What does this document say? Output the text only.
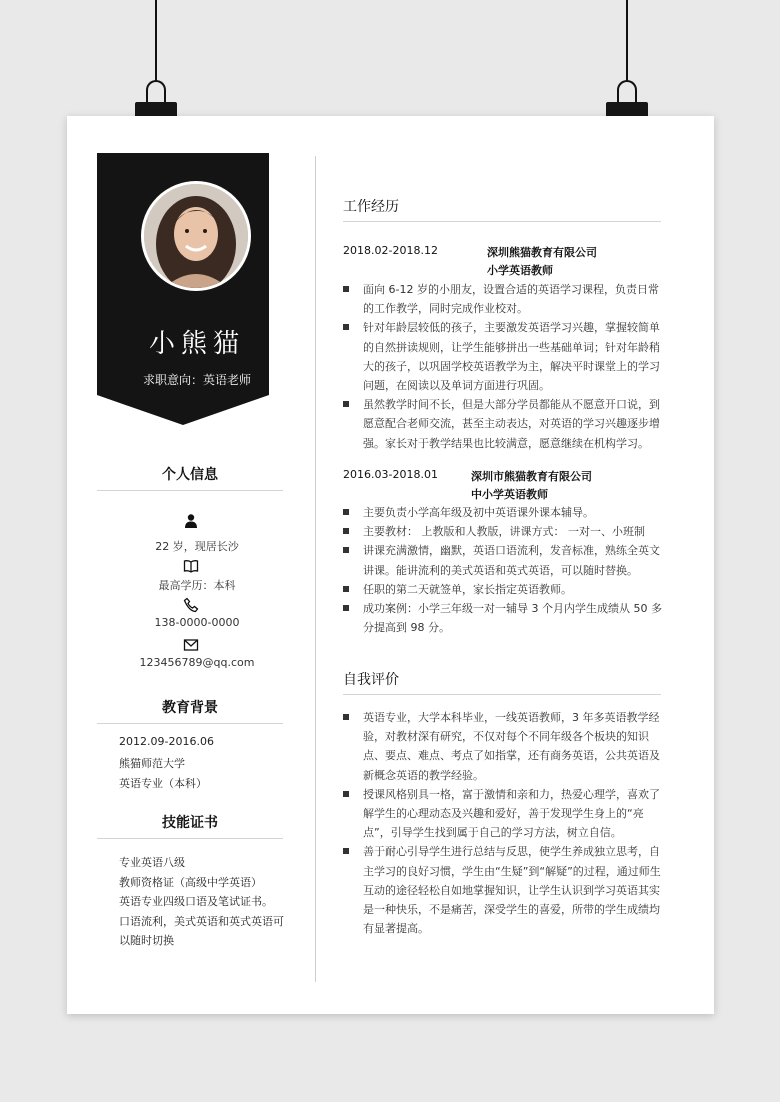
小熊猫
求职意向：英语老师
个人信息
22 岁，现居长沙
最高学历：本科
138-0000-0000
123456789@qq.com
教育背景
2012.09-2016.06
熊猫师范大学
英语专业（本科）
技能证书
专业英语八级
教师资格证（高级中学英语）
英语专业四级口语及笔试证书。
口语流利，美式英语和英式英语可以随时切换
工作经历
2018.02-2018.12	深圳熊猫教育有限公司
小学英语教师
面向 6-12 岁的小朋友，设置合适的英语学习课程，负责日常的工作教学，同时完成作业校对。
针对年龄层较低的孩子，主要激发英语学习兴趣，掌握较简单的自然拼读规则，让学生能够拼出一些基础单词；针对年龄稍大的孩子，以巩固学校英语教学为主，解决平时课堂上的学习问题，在阅读以及单词方面进行巩固。
虽然教学时间不长，但是大部分学员都能从不愿意开口说，到愿意配合老师交流，甚至主动表达，对英语的学习兴趣逐步增强。家长对于教学结果也比较满意，愿意继续在机构学习。
2016.03-2018.01	深圳市熊猫教育有限公司
中小学英语教师
主要负责小学高年级及初中英语课外课本辅导。
主要教材： 上教版和人教版，讲课方式： 一对一、小班制
讲课充满激情，幽默，英语口语流利，发音标准，熟练全英文讲课。能讲流利的美式英语和英式英语，可以随时替换。
任职的第二天就签单，家长指定英语教师。
成功案例：小学三年级一对一辅导 3 个月内学生成绩从 50 多分提高到 98 分。
自我评价
英语专业，大学本科毕业，一线英语教师，3 年多英语教学经验，对教材深有研究，不仅对每个不同年级各个板块的知识点、要点、难点、考点了如指掌，还有商务英语，公共英语及新概念英语的教学经验。
授课风格别具一格，富于激情和亲和力，热爱心理学，喜欢了解学生的心理动态及兴趣和爱好，善于发现学生身上的“亮点”，引导学生找到属于自己的学习方法，树立自信。
善于耐心引导学生进行总结与反思，使学生养成独立思考，自主学习的良好习惯，学生由“生疑”到“解疑”的过程，通过师生互动的途径轻松自如地掌握知识，让学生认识到学习英语其实是一种快乐，不是痛苦，深受学生的喜爱，所带的学生成绩均有显著提高。
